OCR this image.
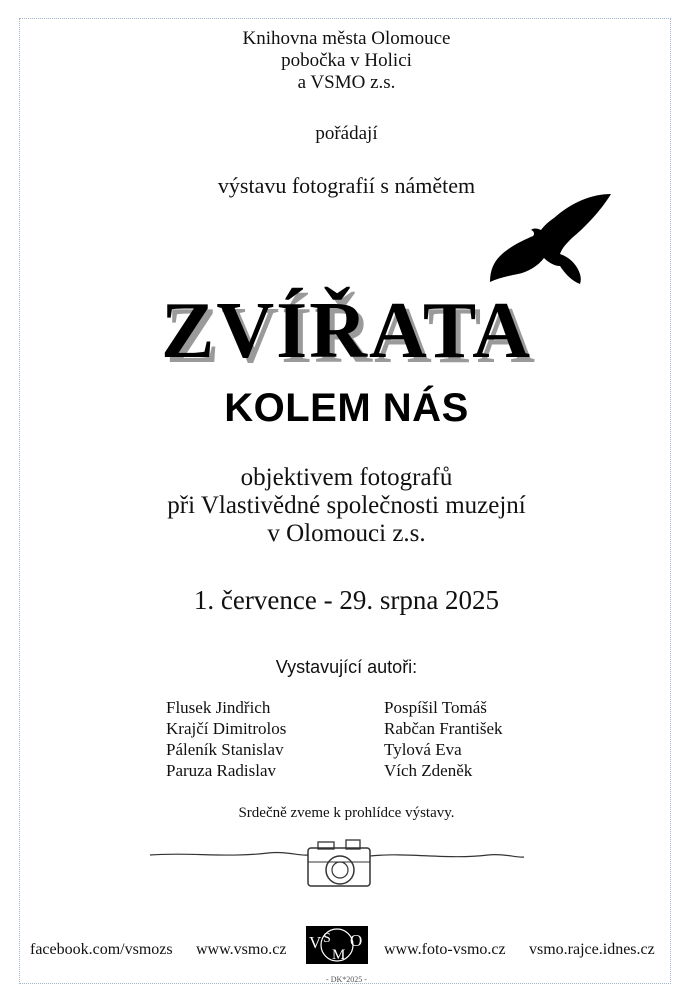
Knihovna města Olomouce
pobočka v Holici
a VSMO z.s.
pořádají
výstavu fotografií s námětem
ZVÍŘATA
KOLEM NÁS
objektivem fotografů
při Vlastivědné společnosti muzejní
v Olomouci z.s.
1. července - 29. srpna 2025
Vystavující autoři:
Flusek Jindřich
Krajčí Dimitrolos
Páleník Stanislav
Paruza Radislav
Pospíšil Tomáš
Rabčan František
Tylová Eva
Vích Zdeněk
Srdečně zveme k prohlídce výstavy.
facebook.com/vsmozs www.vsmo.cz V S
M
O www.foto-vsmo.cz vsmo.rajce.idnes.cz
- DK*2025 -
